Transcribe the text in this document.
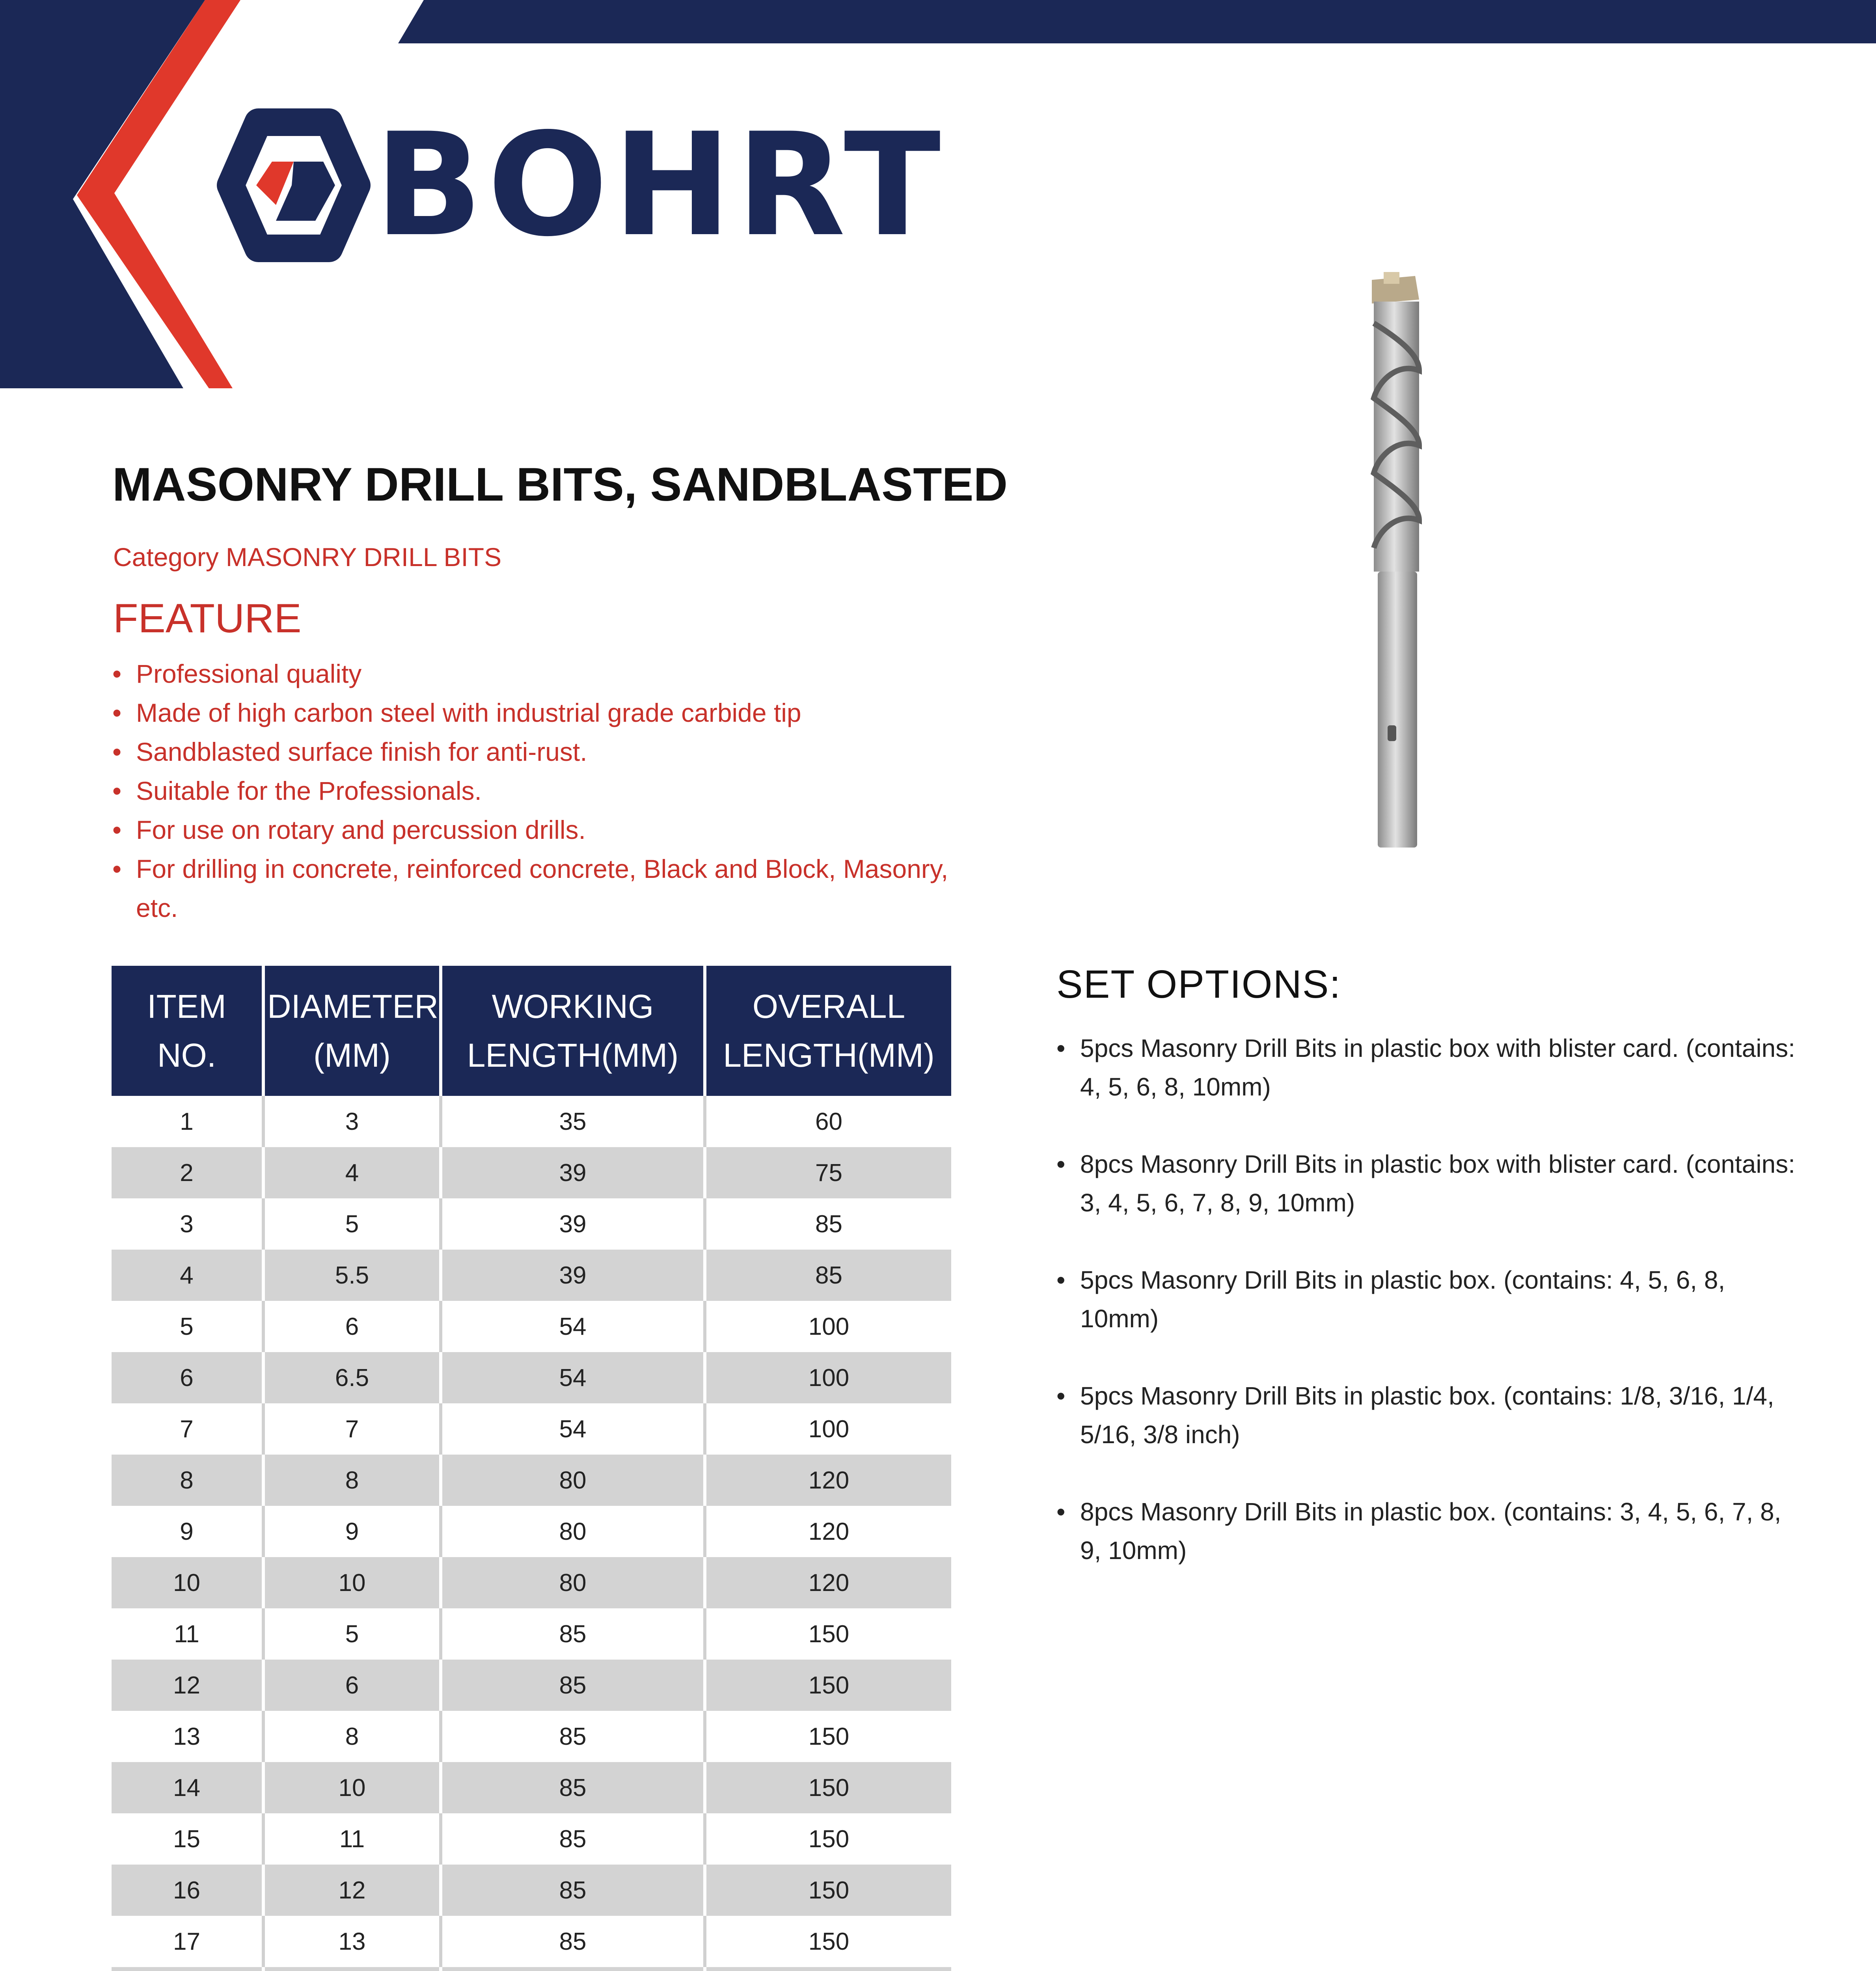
BOHRT
MASONRY DRILL BITS, SANDBLASTED
Category MASONRY DRILL BITS
FEATURE
• Professional quality
• Made of high carbon steel with industrial grade carbide tip
• Sandblasted surface finish for anti-rust.
• Suitable for the Professionals.
• For use on rotary and percussion drills.
• For drilling in concrete, reinforced concrete, Black and Block, Masonry, etc.
ITEM NO.	DIAMETER (MM)	WORKING LENGTH(MM)	OVERALL LENGTH(MM)
1	3	35	60
2	4	39	75
3	5	39	85
4	5.5	39	85
5	6	54	100
6	6.5	54	100
7	7	54	100
8	8	80	120
9	9	80	120
10	10	80	120
11	5	85	150
12	6	85	150
13	8	85	150
14	10	85	150
15	11	85	150
16	12	85	150
17	13	85	150

SET OPTIONS:
• 5pcs Masonry Drill Bits in plastic box with blister card. (contains: 4, 5, 6, 8, 10mm)
• 8pcs Masonry Drill Bits in plastic box with blister card. (contains: 3, 4, 5, 6, 7, 8, 9, 10mm)
• 5pcs Masonry Drill Bits in plastic box. (contains: 4, 5, 6, 8, 10mm)
• 5pcs Masonry Drill Bits in plastic box. (contains: 1/8, 3/16, 1/4, 5/16, 3/8 inch)
• 8pcs Masonry Drill Bits in plastic box. (contains: 3, 4, 5, 6, 7, 8, 9, 10mm)
